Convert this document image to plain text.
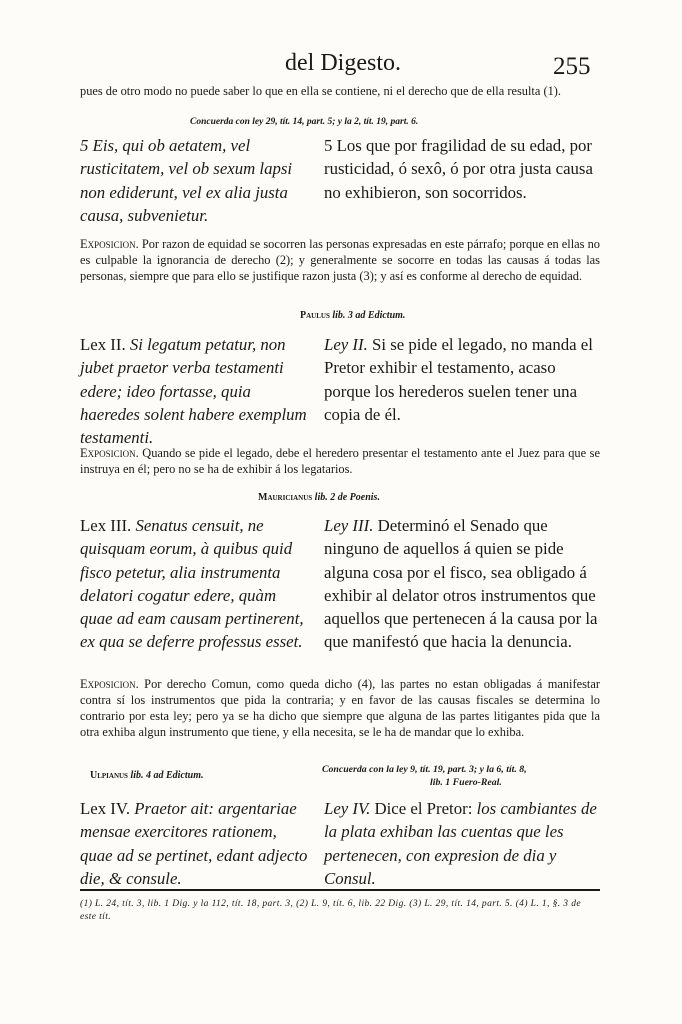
del Digesto.	255

pues de otro modo no puede saber lo que en ella se contiene, ni el derecho que de ella resulta (1).

Concuerda con ley 29, tít. 14, part. 5; y la 2, tít. 19, part. 6.

5 Eis, qui ob aetatem, vel rusticitatem, vel ob sexum lapsi non ediderunt, vel ex alia justa causa, subvenietur.

5 Los que por fragilidad de su edad, por rusticidad, ó sexô, ó por otra justa causa no exhibieron, son socorridos.

Exposicion. Por razon de equidad se socorren las personas expresadas en este párrafo; porque en ellas no es culpable la ignorancia de derecho (2); y generalmente se socorre en todas las causas á todas las personas, siempre que para ello se justifique razon justa (3); y así es conforme al derecho de equidad.

Paulus lib. 3 ad Edictum.

Lex II. Si legatum petatur, non jubet praetor verba testamenti edere; ideo fortasse, quia haeredes solent habere exemplum testamenti.

Ley II. Si se pide el legado, no manda el Pretor exhibir el testamento, acaso porque los herederos suelen tener una copia de él.

Exposicion. Quando se pide el legado, debe el heredero presentar el testamento ante el Juez para que se instruya en él; pero no se ha de exhibir á los legatarios.

Mauricianus lib. 2 de Poenis.

Lex III. Senatus censuit, ne quisquam eorum, à quibus quid fisco petetur, alia instrumenta delatori cogatur edere, quàm quae ad eam causam pertinerent, ex qua se deferre professus esset.

Ley III. Determinó el Senado que ninguno de aquellos á quien se pide alguna cosa por el fisco, sea obligado á exhibir al delator otros instrumentos que aquellos que pertenecen á la causa por la que manifestó que hacia la denuncia.

Exposicion. Por derecho Comun, como queda dicho (4), las partes no estan obligadas á manifestar contra sí los instrumentos que pida la contraria; y en favor de las causas fiscales se determina lo contrario por esta ley; pero ya se ha dicho que siempre que alguna de las partes litigantes pida que la otra exhiba algun instrumento que tiene, y ella necesita, se le ha de mandar que lo exhiba.

Ulpianus lib. 4 ad Edictum.
Concuerda con la ley 9, tít. 19, part. 3; y la 6, tít. 8,
lib. 1 Fuero-Real.

Lex IV. Praetor ait: argentariae mensae exercitores rationem, quae ad se pertinet, edant adjecto die, & consule.

Ley IV. Dice el Pretor: los cambiantes de la plata exhiban las cuentas que les pertenecen, con expresion de dia y Consul.

(1) L. 24, tít. 3, lib. 1 Dig. y la 112, tít. 18, part. 3, (2) L. 9, tít. 6, lib. 22 Dig. (3) L. 29, tít. 14, part. 5. (4) L. 1, §. 3 de este tít.
